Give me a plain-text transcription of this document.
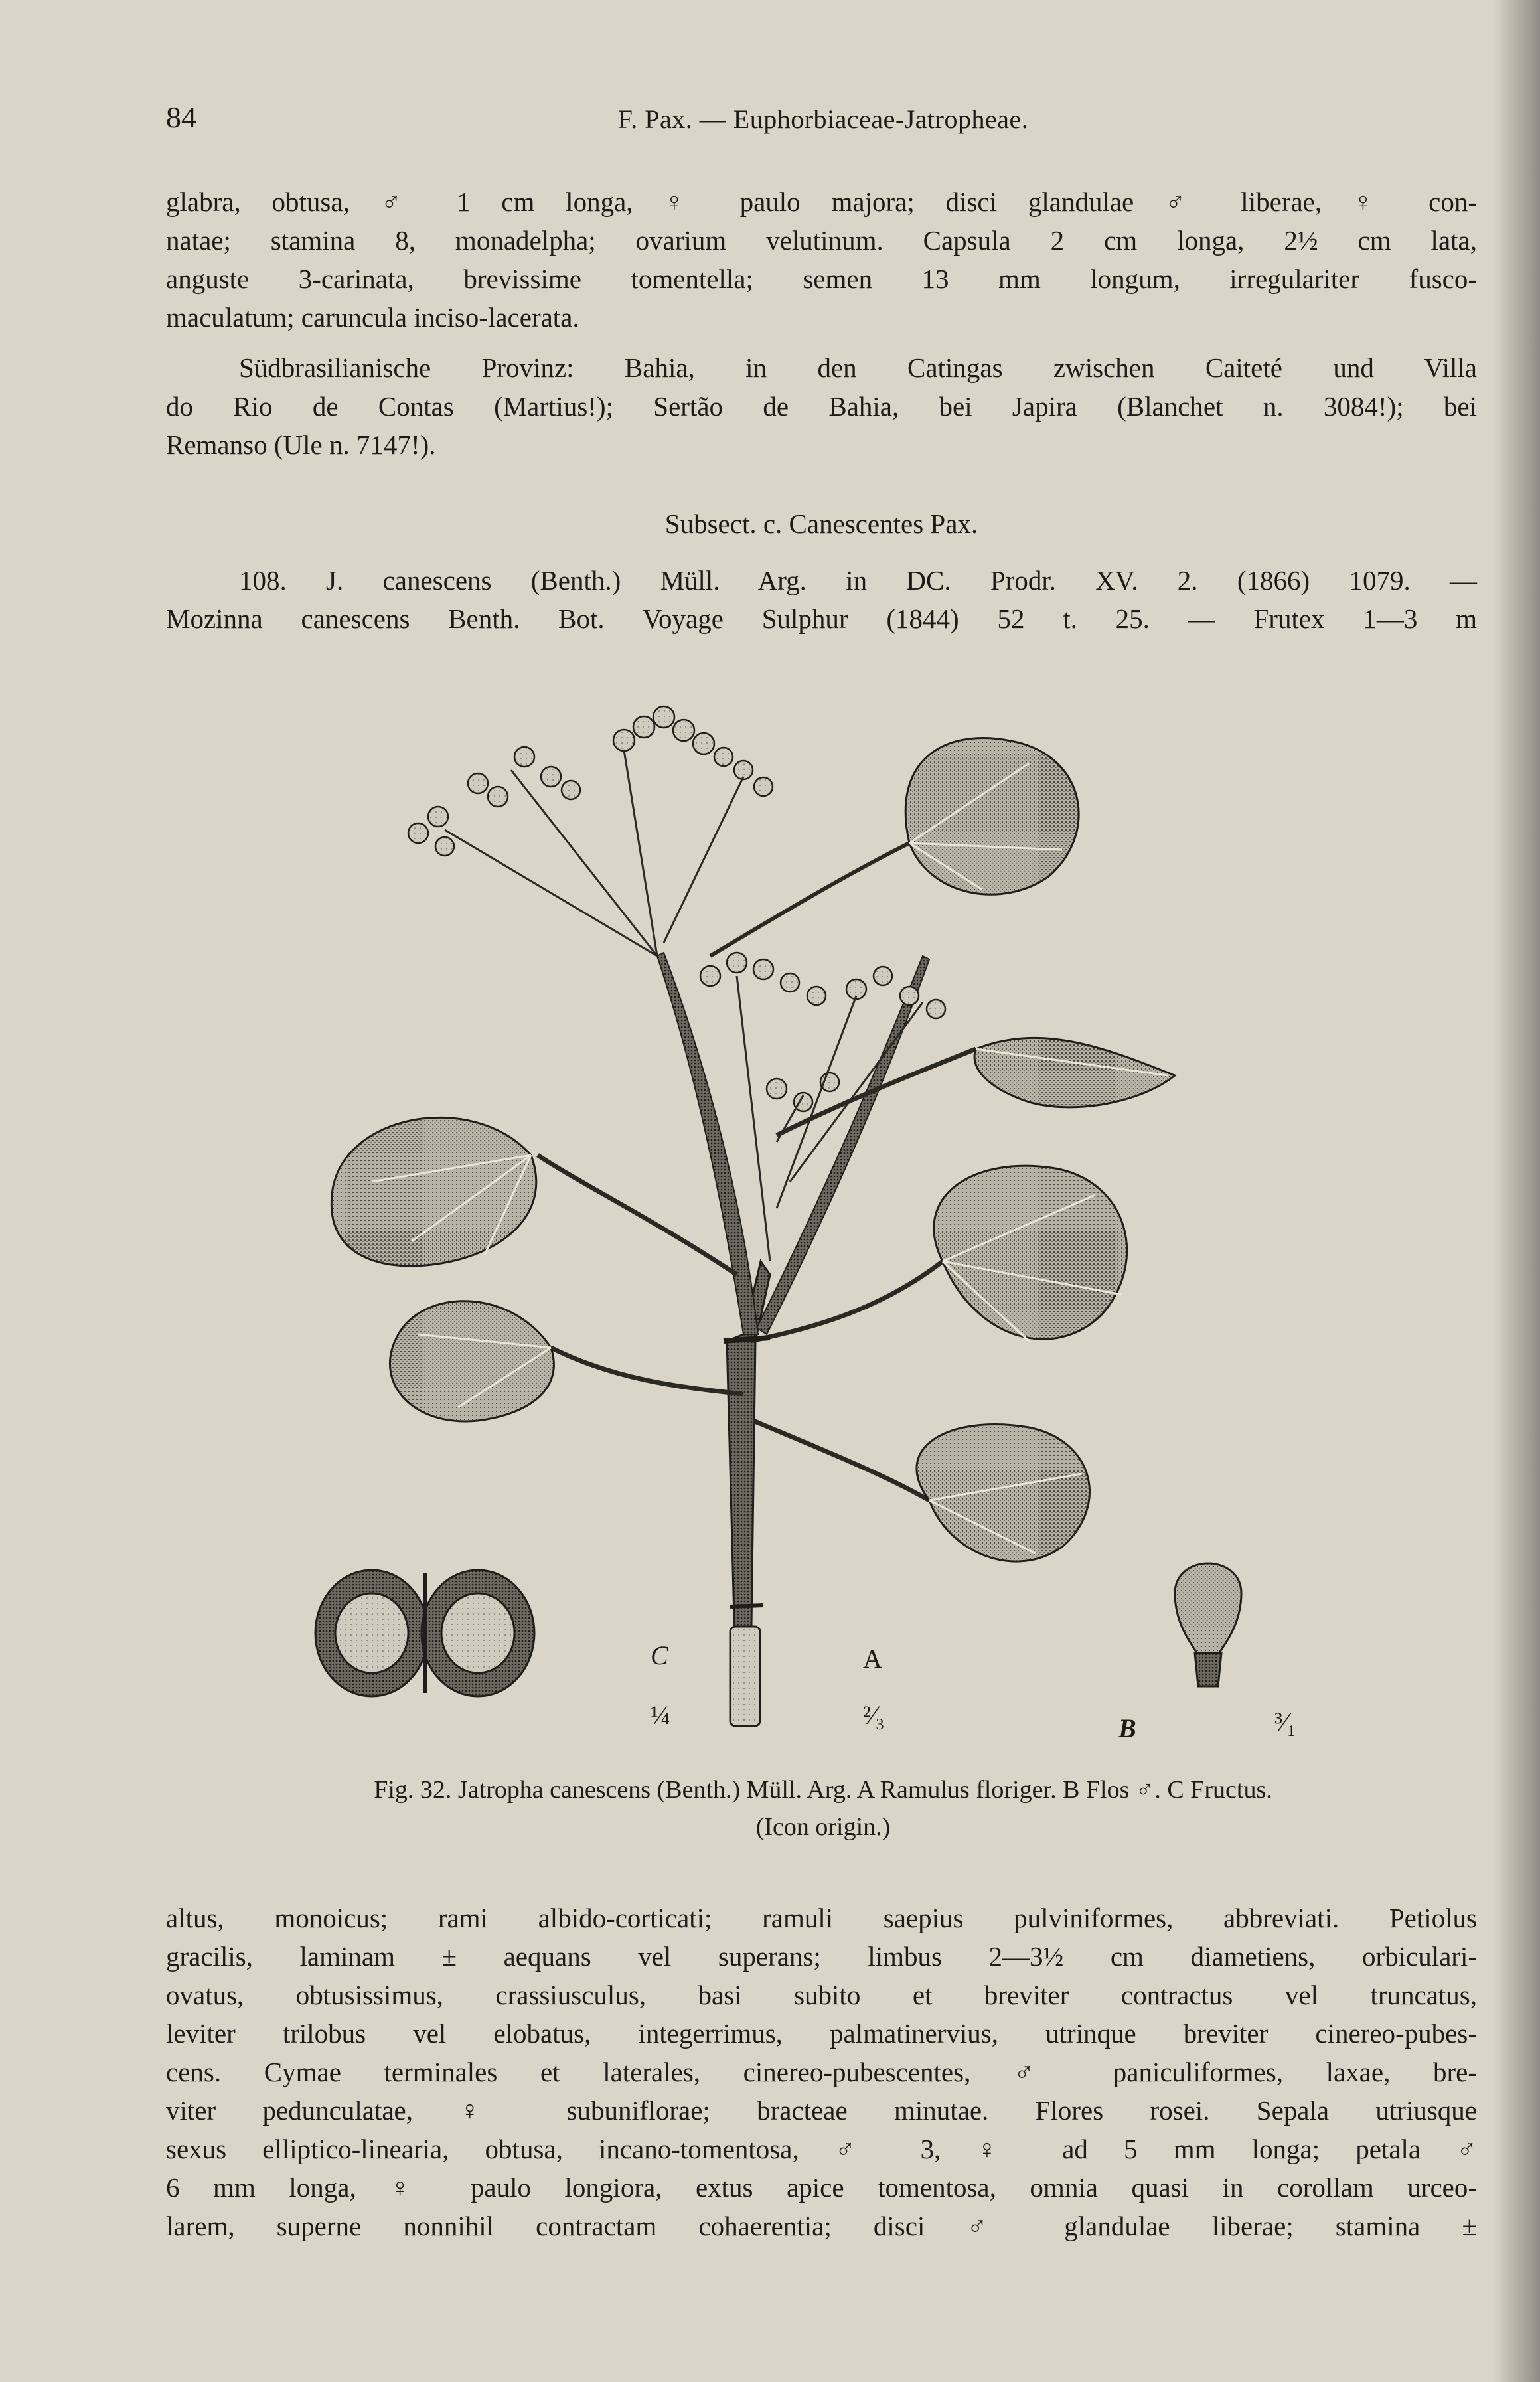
84	F. Pax. — Euphorbiaceae-Jatropheae.
glabra, obtusa, ♂ 1 cm longa, ♀ paulo majora; disci glandulae ♂ liberae, ♀ con-
natae; stamina 8, monadelpha; ovarium velutinum. Capsula 2 cm longa, 2½ cm lata,
anguste 3-carinata, brevissime tomentella; semen 13 mm longum, irregulariter fusco-
maculatum; caruncula inciso-lacerata.
Südbrasilianische Provinz: Bahia, in den Catingas zwischen Caiteté und Villa
do Rio de Contas (Martius!); Sertão de Bahia, bei Japira (Blanchet n. 3084!); bei
Remanso (Ule n. 7147!).
Subsect. c. Canescentes Pax.
108. J. canescens (Benth.) Müll. Arg. in DC. Prodr. XV. 2. (1866) 1079. —
Mozinna canescens Benth. Bot. Voyage Sulphur (1844) 52 t. 25. — Frutex 1—3 m
C
¼
A
²⁄₃	B	³⁄₁
Fig. 32. Jatropha canescens (Benth.) Müll. Arg. A Ramulus floriger. B Flos ♂. C Fructus.
(Icon origin.)
altus, monoicus; rami albido-corticati; ramuli saepius pulviniformes, abbreviati. Petiolus
gracilis, laminam ± aequans vel superans; limbus 2—3½ cm diametiens, orbiculari-
ovatus, obtusissimus, crassiusculus, basi subito et breviter contractus vel truncatus,
leviter trilobus vel elobatus, integerrimus, palmatinervius, utrinque breviter cinereo-pubes-
cens. Cymae terminales et laterales, cinereo-pubescentes, ♂ paniculiformes, laxae, bre-
viter pedunculatae, ♀ subuniflorae; bracteae minutae. Flores rosei. Sepala utriusque
sexus elliptico-linearia, obtusa, incano-tomentosa, ♂ 3, ♀ ad 5 mm longa; petala ♂
6 mm longa, ♀ paulo longiora, extus apice tomentosa, omnia quasi in corollam urceo-
larem, superne nonnihil contractam cohaerentia; disci ♂ glandulae liberae; stamina ±
